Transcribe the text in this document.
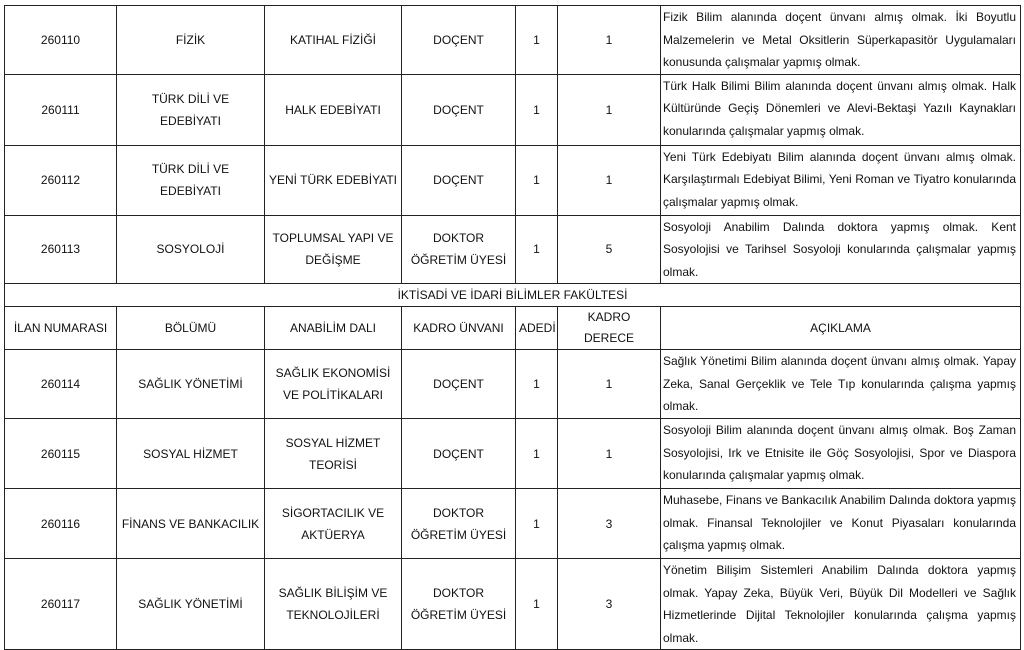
260110	FİZİK	KATIHAL FİZİĞİ	DOÇENT	1	1	Fizik Bilim alanında doçent ünvanı almış olmak. İki Boyutlu Malzemelerin ve Metal Oksitlerin Süperkapasitör Uygulamaları konusunda çalışmalar yapmış olmak.
260111	TÜRK DİLİ VE EDEBİYATI	HALK EDEBİYATI	DOÇENT	1	1	Türk Halk Bilimi Bilim alanında doçent ünvanı almış olmak. Halk Kültüründe Geçiş Dönemleri ve Alevi-Bektaşi Yazılı Kaynakları konularında çalışmalar yapmış olmak.
260112	TÜRK DİLİ VE EDEBİYATI	YENİ TÜRK EDEBİYATI	DOÇENT	1	1	Yeni Türk Edebiyatı Bilim alanında doçent ünvanı almış olmak. Karşılaştırmalı Edebiyat Bilimi, Yeni Roman ve Tiyatro konularında çalışmalar yapmış olmak.
260113	SOSYOLOJİ	TOPLUMSAL YAPI VE DEĞİŞME	DOKTOR ÖĞRETİM ÜYESİ	1	5	Sosyoloji Anabilim Dalında doktora yapmış olmak. Kent Sosyolojisi ve Tarihsel Sosyoloji konularında çalışmalar yapmış olmak.
İKTİSADİ VE İDARİ BİLİMLER FAKÜLTESİ						
İLAN NUMARASI	BÖLÜMÜ	ANABİLİM DALI	KADRO ÜNVANI	ADEDİ	KADRO DERECE	AÇIKLAMA
260114	SAĞLIK YÖNETİMİ	SAĞLIK EKONOMİSİ VE POLİTİKALARI	DOÇENT	1	1	Sağlık Yönetimi Bilim alanında doçent ünvanı almış olmak. Yapay Zeka, Sanal Gerçeklik ve Tele Tıp konularında çalışma yapmış olmak.
260115	SOSYAL HİZMET	SOSYAL HİZMET TEORİSİ	DOÇENT	1	1	Sosyoloji Bilim alanında doçent ünvanı almış olmak. Boş Zaman Sosyolojisi, Irk ve Etnisite ile Göç Sosyolojisi, Spor ve Diaspora konularında çalışmalar yapmış olmak.
260116	FİNANS VE BANKACILIK	SİGORTACILIK VE AKTÜERYA	DOKTOR ÖĞRETİM ÜYESİ	1	3	Muhasebe, Finans ve Bankacılık Anabilim Dalında doktora yapmış olmak. Finansal Teknolojiler ve Konut Piyasaları konularında çalışma yapmış olmak.
260117	SAĞLIK YÖNETİMİ	SAĞLIK BİLİŞİM VE TEKNOLOJİLERİ	DOKTOR ÖĞRETİM ÜYESİ	1	3	Yönetim Bilişim Sistemleri Anabilim Dalında doktora yapmış olmak. Yapay Zeka, Büyük Veri, Büyük Dil Modelleri ve Sağlık Hizmetlerinde Dijital Teknolojiler konularında çalışma yapmış olmak.
